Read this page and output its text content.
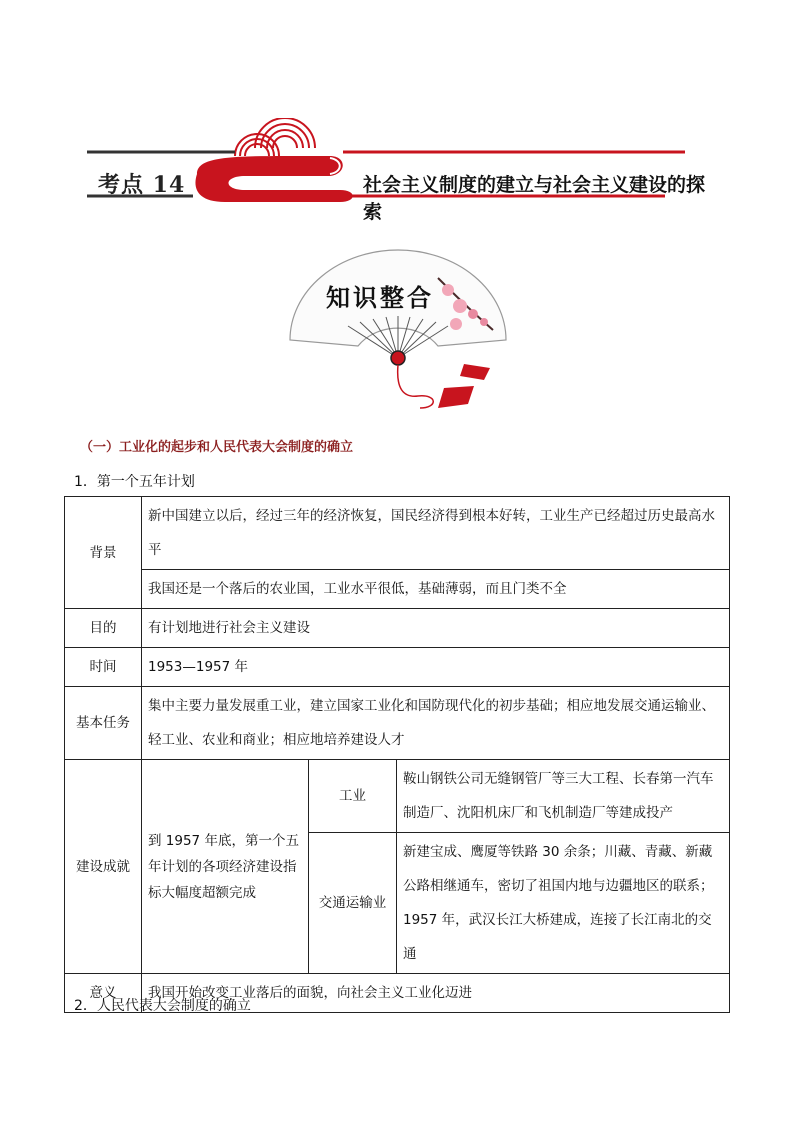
考点 14	社会主义制度的建立与社会主义建设的探索
知识整合
（一）工业化的起步和人民代表大会制度的确立
1．第一个五年计划
背景	新中国建立以后，经过三年的经济恢复，国民经济得到根本好转，工业生产已经超过历史最高水平		
	我国还是一个落后的农业国，工业水平很低，基础薄弱，而且门类不全		
目的	有计划地进行社会主义建设		
时间	1953—1957 年		
基本任务	集中主要力量发展重工业，建立国家工业化和国防现代化的初步基础；相应地发展交通运输业、轻工业、农业和商业；相应地培养建设人才		
建设成就	到 1957 年底，第一个五年计划的各项经济建设指标大幅度超额完成	工业	鞍山钢铁公司无缝钢管厂等三大工程、长春第一汽车制造厂、沈阳机床厂和飞机制造厂等建成投产
		交通运输业	新建宝成、鹰厦等铁路 30 余条；川藏、青藏、新藏公路相继通车，密切了祖国内地与边疆地区的联系；1957 年，武汉长江大桥建成，连接了长江南北的交通
意义	我国开始改变工业落后的面貌，向社会主义工业化迈进		
2．人民代表大会制度的确立
